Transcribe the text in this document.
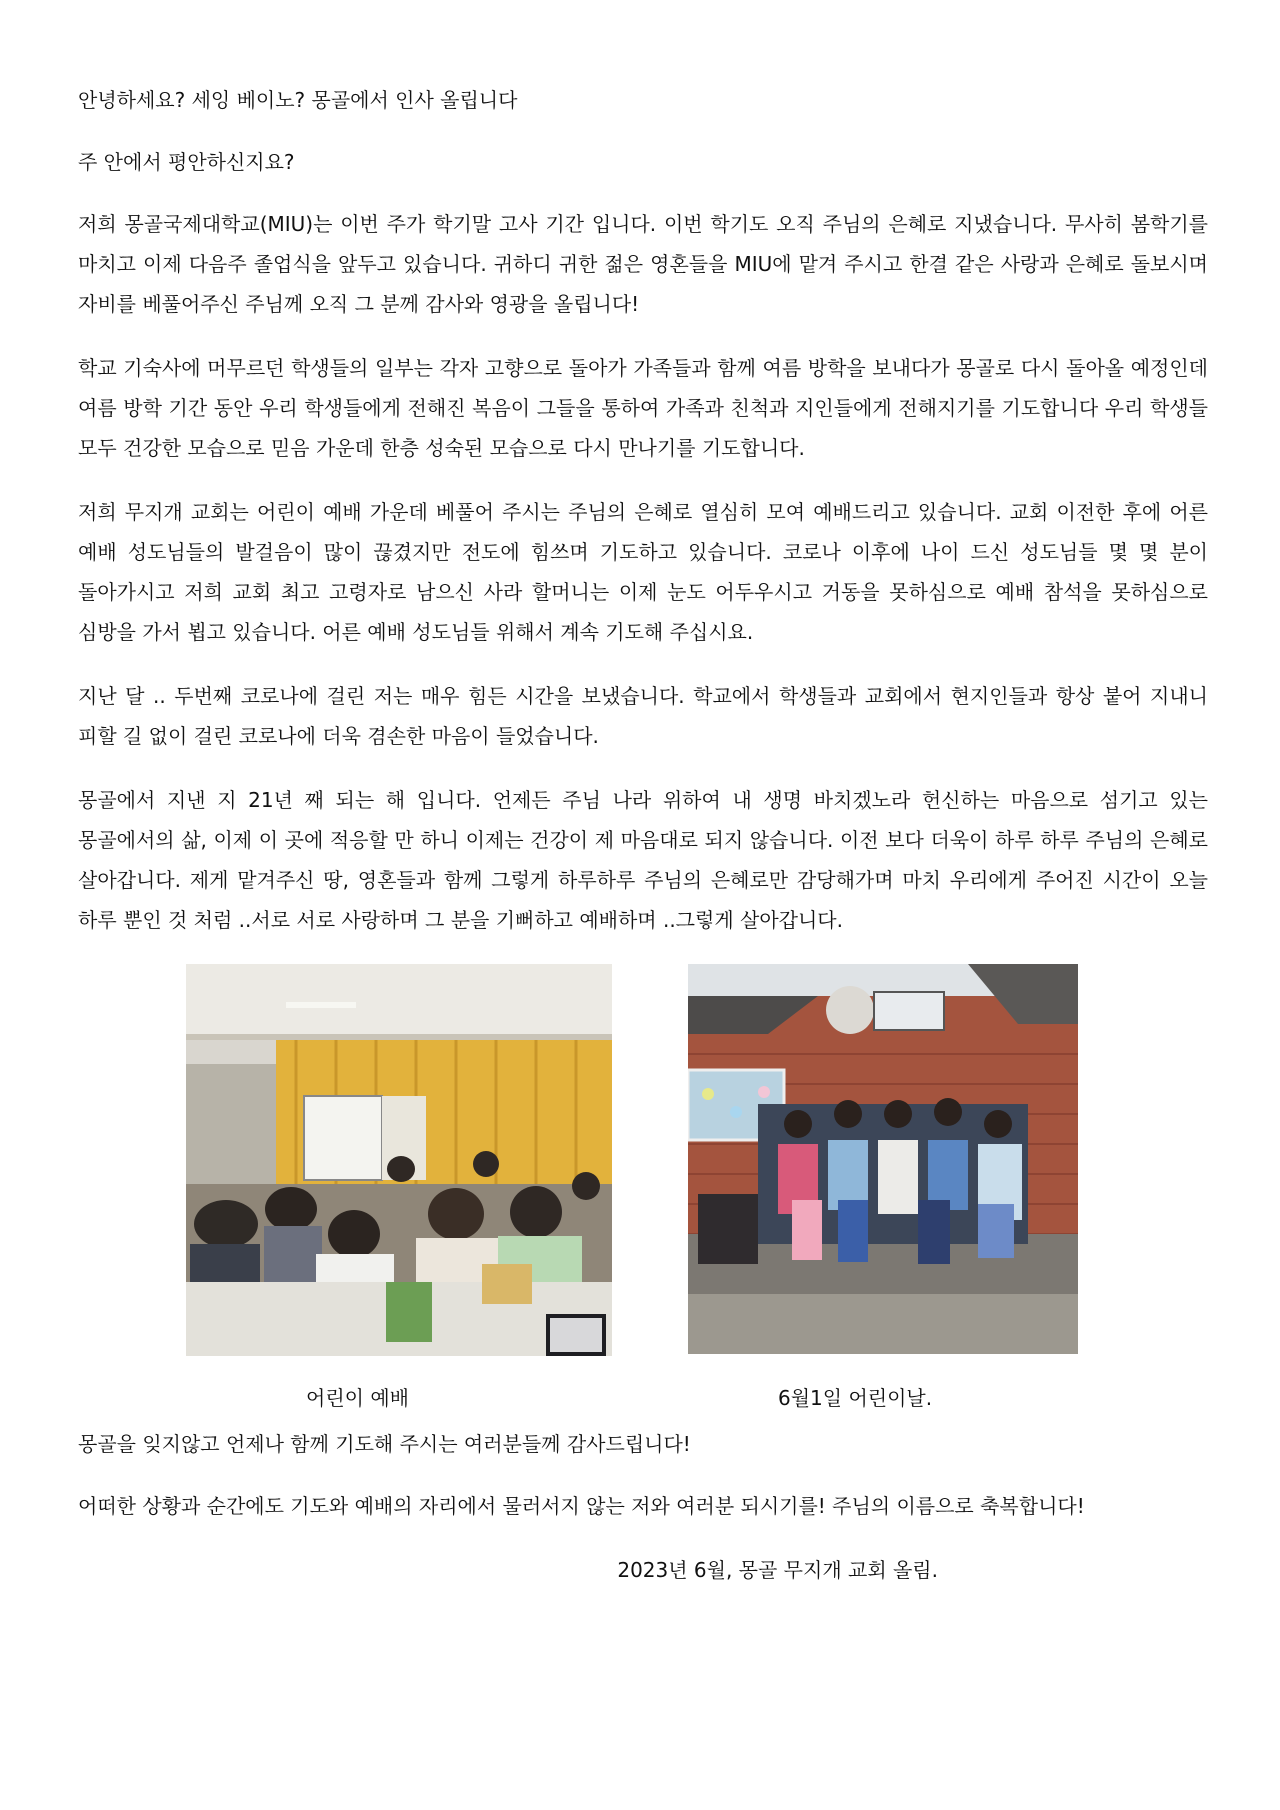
안녕하세요? 세잉 베이노? 몽골에서 인사 올립니다

주 안에서 평안하신지요?

저희 몽골국제대학교(MIU)는 이번 주가 학기말 고사 기간 입니다. 이번 학기도 오직 주님의 은혜로 지냈습니다. 무사히 봄학기를 마치고 이제 다음주 졸업식을 앞두고 있습니다. 귀하디 귀한 젊은 영혼들을 MIU에 맡겨 주시고 한결 같은 사랑과 은혜로 돌보시며 자비를 베풀어주신 주님께 오직 그 분께 감사와 영광을 올립니다!

학교 기숙사에 머무르던 학생들의 일부는 각자 고향으로 돌아가 가족들과 함께 여름 방학을 보내다가 몽골로 다시 돌아올 예정인데 여름 방학 기간 동안 우리 학생들에게 전해진 복음이 그들을 통하여 가족과 친척과 지인들에게 전해지기를 기도합니다 우리 학생들 모두 건강한 모습으로 믿음 가운데 한층 성숙된 모습으로 다시 만나기를 기도합니다.

저희 무지개 교회는 어린이 예배 가운데 베풀어 주시는 주님의 은혜로 열심히 모여 예배드리고 있습니다. 교회 이전한 후에 어른 예배 성도님들의 발걸음이 많이 끊겼지만 전도에 힘쓰며 기도하고 있습니다. 코로나 이후에 나이 드신 성도님들 몇 몇 분이 돌아가시고 저희 교회 최고 고령자로 남으신 사라 할머니는 이제 눈도 어두우시고 거동을 못하심으로 예배 참석을 못하심으로 심방을 가서 뵙고 있습니다. 어른 예배 성도님들 위해서 계속 기도해 주십시요.

지난 달 .. 두번째 코로나에 걸린 저는 매우 힘든 시간을 보냈습니다. 학교에서 학생들과 교회에서 현지인들과 항상 붙어 지내니 피할 길 없이 걸린 코로나에 더욱 겸손한 마음이 들었습니다.

몽골에서 지낸 지 21년 째 되는 해 입니다. 언제든 주님 나라 위하여 내 생명 바치겠노라 헌신하는 마음으로 섬기고 있는 몽골에서의 삶, 이제 이 곳에 적응할 만 하니 이제는 건강이 제 마음대로 되지 않습니다. 이전 보다 더욱이 하루 하루 주님의 은혜로 살아갑니다. 제게 맡겨주신 땅, 영혼들과 함께 그렇게 하루하루 주님의 은혜로만 감당해가며 마치 우리에게 주어진 시간이 오늘 하루 뿐인 것 처럼 ..서로 서로 사랑하며 그 분을 기뻐하고 예배하며 ..그렇게 살아갑니다.

어린이 예배	6월1일 어린이날.

몽골을 잊지않고 언제나 함께 기도해 주시는 여러분들께 감사드립니다!

어떠한 상황과 순간에도 기도와 예배의 자리에서 물러서지 않는 저와 여러분 되시기를! 주님의 이름으로 축복합니다!

2023년 6월, 몽골 무지개 교회 올림.
